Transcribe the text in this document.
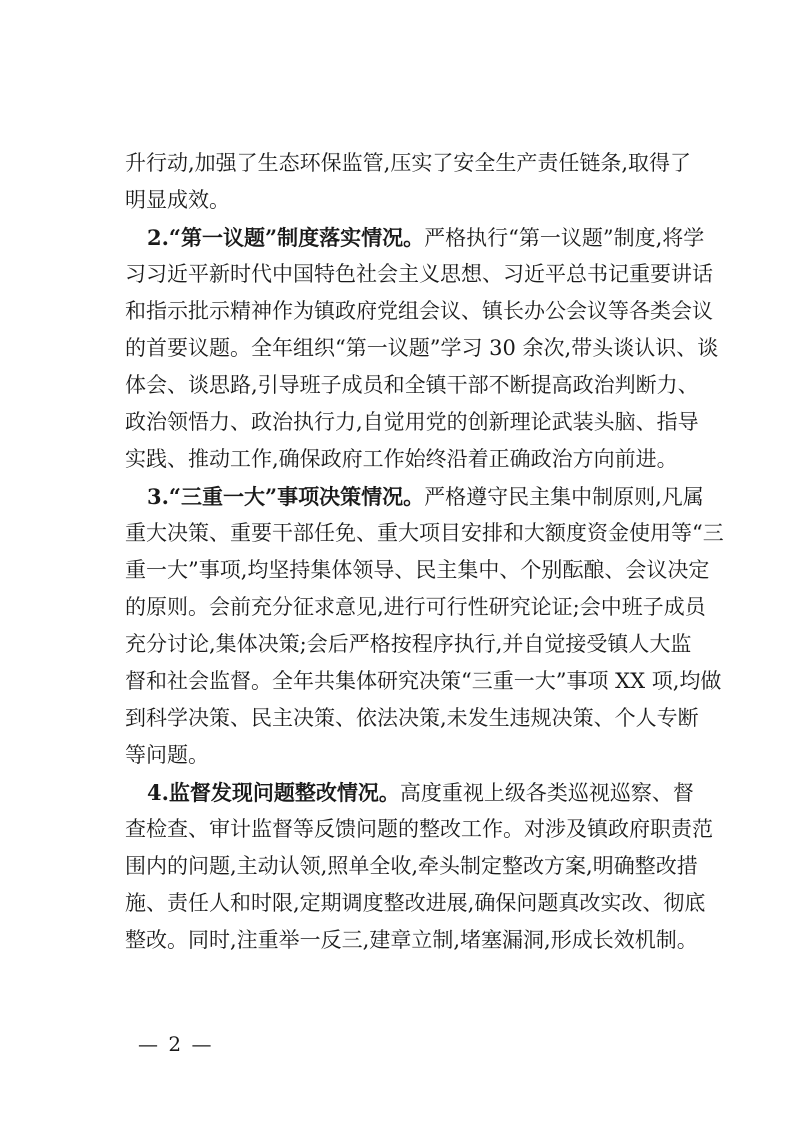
升行动,加强了生态环保监管,压实了安全生产责任链条,取得了
明显成效。
2.“第一议题”制度落实情况。严格执行“第一议题”制度,将学
习习近平新时代中国特色社会主义思想、习近平总书记重要讲话
和指示批示精神作为镇政府党组会议、镇长办公会议等各类会议
的首要议题。全年组织“第一议题”学习 30 余次,带头谈认识、谈
体会、谈思路,引导班子成员和全镇干部不断提高政治判断力、
政治领悟力、政治执行力,自觉用党的创新理论武装头脑、指导
实践、推动工作,确保政府工作始终沿着正确政治方向前进。
3.“三重一大”事项决策情况。严格遵守民主集中制原则,凡属
重大决策、重要干部任免、重大项目安排和大额度资金使用等“三
重一大”事项,均坚持集体领导、民主集中、个别酝酿、会议决定
的原则。会前充分征求意见,进行可行性研究论证;会中班子成员
充分讨论,集体决策;会后严格按程序执行,并自觉接受镇人大监
督和社会监督。全年共集体研究决策“三重一大”事项 XX 项,均做
到科学决策、民主决策、依法决策,未发生违规决策、个人专断
等问题。
4.监督发现问题整改情况。高度重视上级各类巡视巡察、督
查检查、审计监督等反馈问题的整改工作。对涉及镇政府职责范
围内的问题,主动认领,照单全收,牵头制定整改方案,明确整改措
施、责任人和时限,定期调度整改进展,确保问题真改实改、彻底
整改。同时,注重举一反三,建章立制,堵塞漏洞,形成长效机制。
— 2 —
